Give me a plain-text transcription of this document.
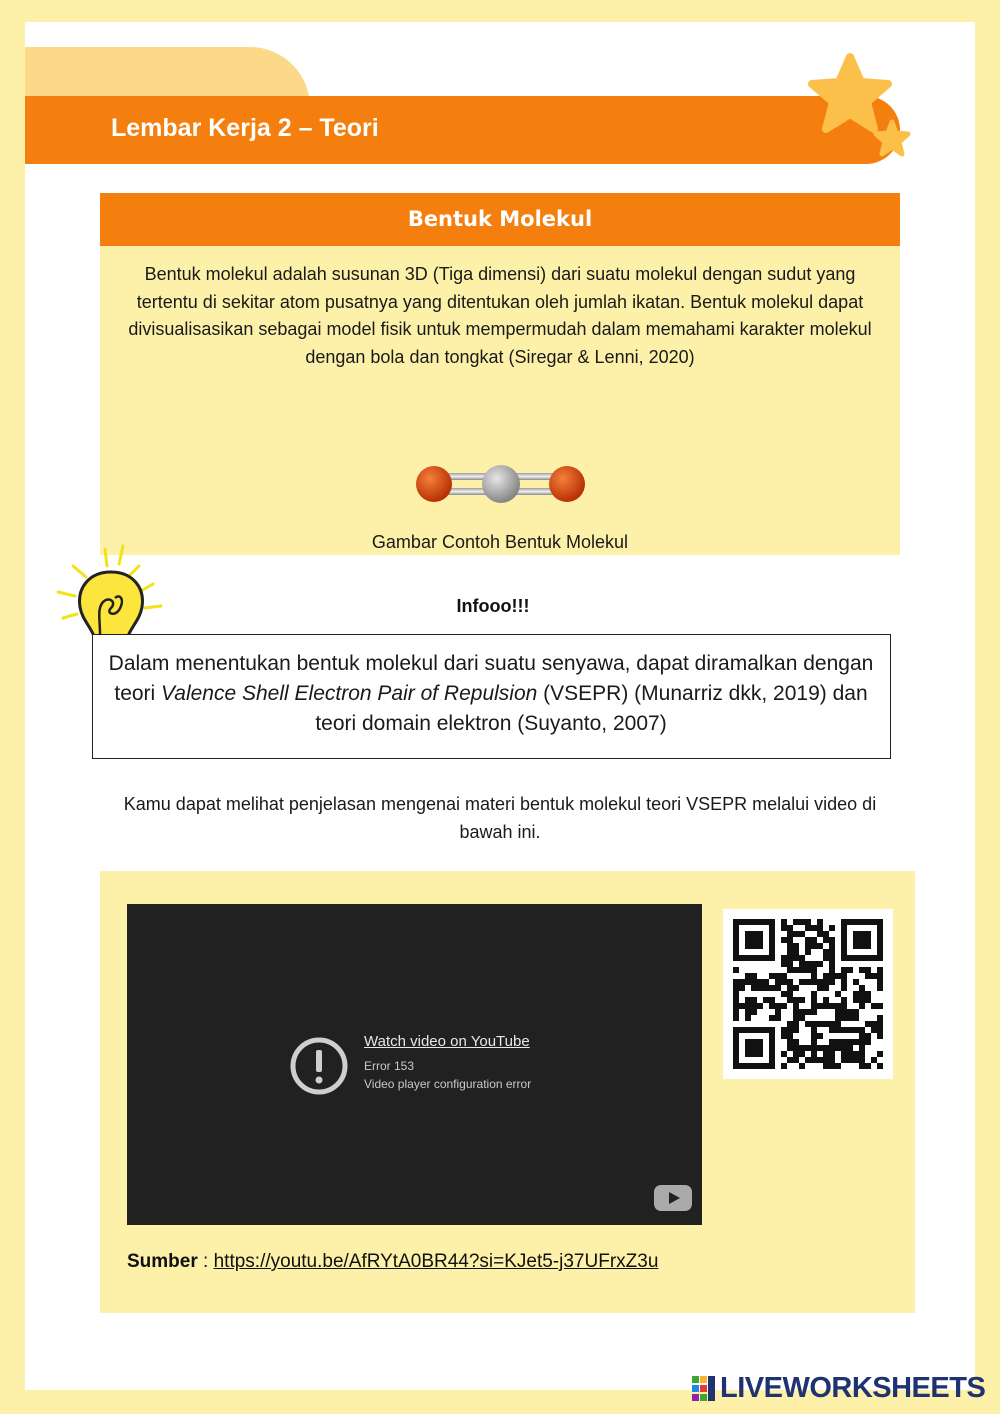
Lembar Kerja 2 – Teori
Bentuk Molekul
Bentuk molekul adalah susunan 3D (Tiga dimensi) dari suatu molekul dengan sudut yang tertentu di sekitar atom pusatnya yang ditentukan oleh jumlah ikatan. Bentuk molekul dapat divisualisasikan sebagai model fisik untuk mempermudah dalam memahami karakter molekul dengan bola dan tongkat (Siregar & Lenni, 2020)
Gambar Contoh Bentuk Molekul
Infooo!!!
Dalam menentukan bentuk molekul dari suatu senyawa, dapat diramalkan dengan teori Valence Shell Electron Pair of Repulsion (VSEPR) (Munarriz dkk, 2019) dan teori domain elektron (Suyanto, 2007)
Kamu dapat melihat penjelasan mengenai materi bentuk molekul teori VSEPR melalui video di bawah ini.
Watch video on YouTube
Error 153
Video player configuration error
Sumber : https://youtu.be/AfRYtA0BR44?si=KJet5-j37UFrxZ3u
LIVEWORKSHEETS
